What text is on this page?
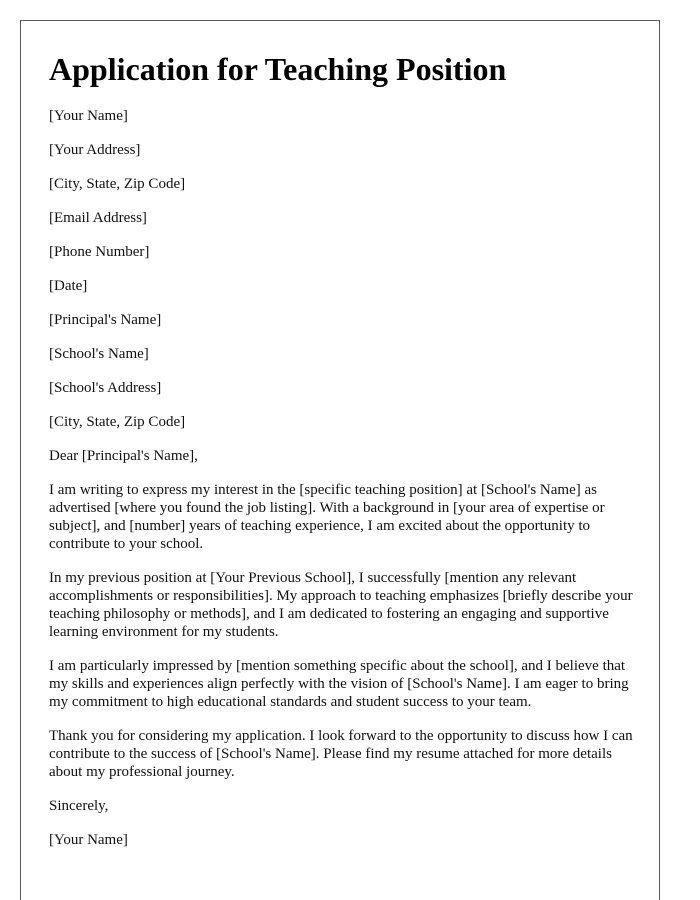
Application for Teaching Position
[Your Name]
[Your Address]
[City, State, Zip Code]
[Email Address]
[Phone Number]
[Date]
[Principal's Name]
[School's Name]
[School's Address]
[City, State, Zip Code]
Dear [Principal's Name],

I am writing to express my interest in the [specific teaching position] at [School's Name] as advertised [where you found the job listing]. With a background in [your area of expertise or subject], and [number] years of teaching experience, I am excited about the opportunity to contribute to your school.

In my previous position at [Your Previous School], I successfully [mention any relevant accomplishments or responsibilities]. My approach to teaching emphasizes [briefly describe your teaching philosophy or methods], and I am dedicated to fostering an engaging and supportive learning environment for my students.

I am particularly impressed by [mention something specific about the school], and I believe that my skills and experiences align perfectly with the vision of [School's Name]. I am eager to bring my commitment to high educational standards and student success to your team.

Thank you for considering my application. I look forward to the opportunity to discuss how I can contribute to the success of [School's Name]. Please find my resume attached for more details about my professional journey.

Sincerely,
[Your Name]
